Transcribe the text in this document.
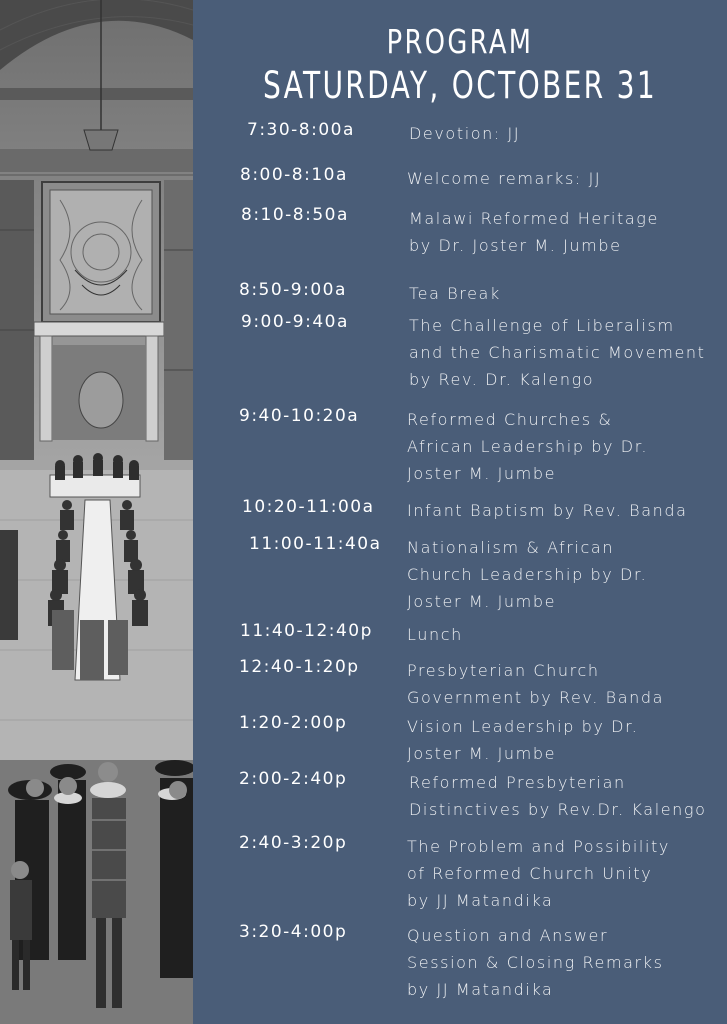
PROGRAM
SATURDAY, OCTOBER 31
7:30-8:00a	Devotion: JJ
8:00-8:10a	Welcome remarks: JJ
8:10-8:50a	Malawi Reformed Heritage
by Dr. Joster M. Jumbe
8:50-9:00a	Tea Break
9:00-9:40a	The Challenge of Liberalism
and the Charismatic Movement
by Rev. Dr. Kalengo
9:40-10:20a	Reformed Churches &
African Leadership by Dr.
Joster M. Jumbe
10:20-11:00a Infant Baptism by Rev. Banda
11:00-11:40a Nationalism & African
Church Leadership by Dr.
Joster M. Jumbe
11:40-12:40p Lunch
12:40-1:20p	Presbyterian Church
Government by Rev. Banda
1:20-2:00p	Vision Leadership by Dr.
Joster M. Jumbe
2:00-2:40p	Reformed Presbyterian
Distinctives by Rev.Dr. Kalengo
2:40-3:20p	The Problem and Possibility
of Reformed Church Unity
by JJ Matandika
3:20-4:00p	Question and Answer
Session & Closing Remarks
by JJ Matandika
